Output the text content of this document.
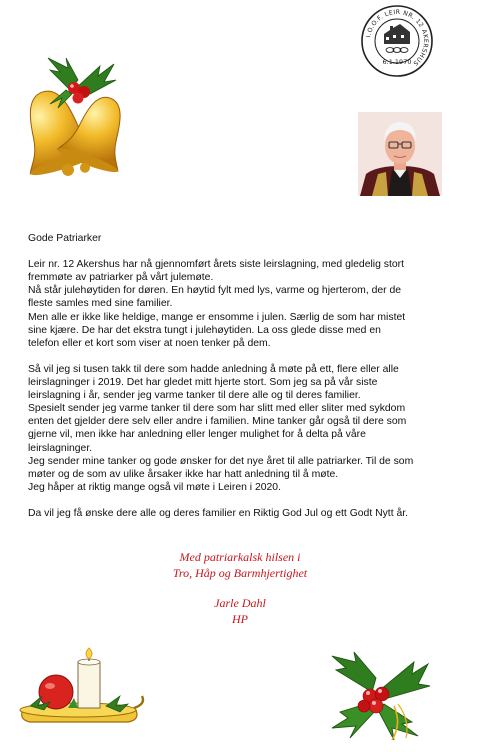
I.O.O.F. LEIR NR. 12 AKERSHUS
6.1.1970

Gode Patriarker

Leir nr. 12 Akershus har nå gjennomført årets siste leirslagning, med gledelig stort
fremmøte av patriarker på vårt julemøte.
Nå står julehøytiden for døren. En høytid fylt med lys, varme og hjerterom, der de
fleste samles med sine familier.
Men alle er ikke like heldige, mange er ensomme i julen. Særlig de som har mistet
sine kjære. De har det ekstra tungt i julehøytiden. La oss glede disse med en
telefon eller et kort som viser at noen tenker på dem.

Så vil jeg si tusen takk til dere som hadde anledning å møte på ett, flere eller alle
leirslagninger i 2019. Det har gledet mitt hjerte stort. Som jeg sa på vår siste
leirslagning i år, sender jeg varme tanker til dere alle og til deres familier.
Spesielt sender jeg varme tanker til dere som har slitt med eller sliter med sykdom
enten det gjelder dere selv eller andre i familien. Mine tanker går også til dere som
gjerne vil, men ikke har anledning eller lenger mulighet for å delta på våre
leirslagninger.
Jeg sender mine tanker og gode ønsker for det nye året til alle patriarker. Til de som
møter og de som av ulike årsaker ikke har hatt anledning til å møte.
Jeg håper at riktig mange også vil møte i Leiren i 2020.

Da vil jeg få ønske dere alle og deres familier en Riktig God Jul og ett Godt Nytt år.

Med patriarkalsk hilsen i
Tro, Håp og Barmhjertighet
Jarle Dahl
HP
